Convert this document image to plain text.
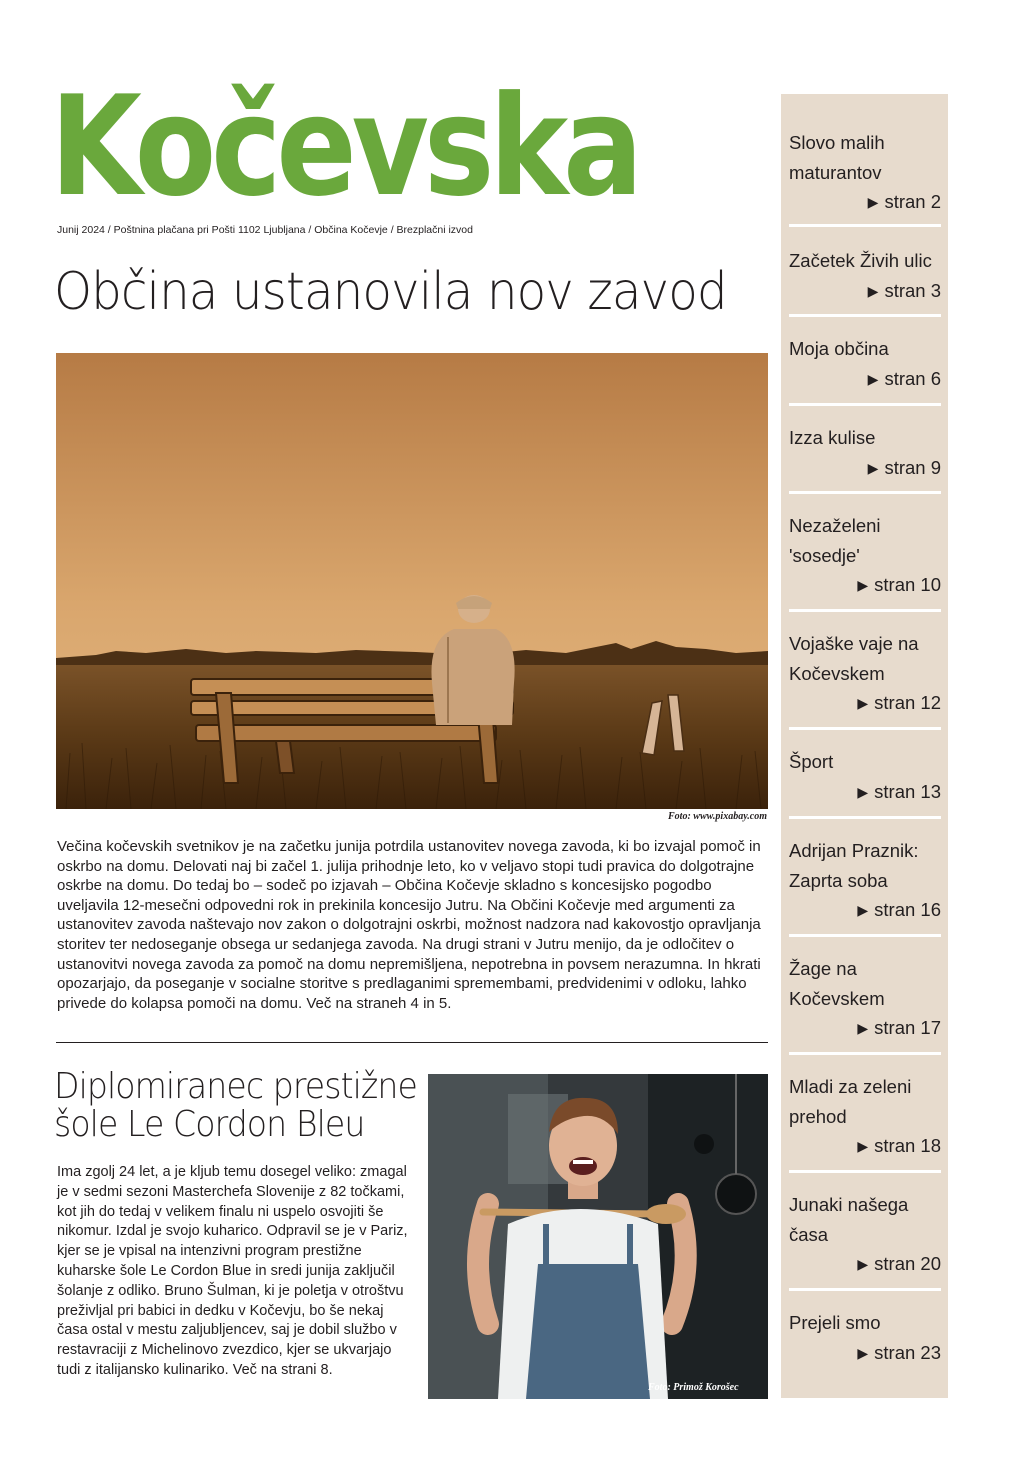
Kočevska
Junij 2024 / Poštnina plačana pri Pošti 1102 Ljubljana / Občina Kočevje / Brezplačni izvod
Občina ustanovila nov zavod
Foto: www.pixabay.com

Večina kočevskih svetnikov je na začetku junija potrdila ustanovitev novega zavoda, ki bo izvajal pomoč in oskrbo na domu. Delovati naj bi začel 1. julija prihodnje leto, ko v veljavo stopi tudi pravica do dolgotrajne oskrbe na domu. Do tedaj bo – sodeč po izjavah – Občina Kočevje skladno s koncesijsko pogodbo uveljavila 12-mesečni odpovedni rok in prekinila koncesijo Jutru. Na Občini Kočevje med argumenti za ustanovitev zavoda naštevajo nov zakon o dolgotrajni oskrbi, možnost nadzora nad kakovostjo opravljanja storitev ter nedoseganje obsega ur sedanjega zavoda. Na drugi strani v Jutru menijo, da je odločitev o ustanovitvi novega zavoda za pomoč na domu nepremišljena, nepotrebna in povsem nerazumna. In hkrati opozarjajo, da poseganje v socialne storitve s predlaganimi spremembami, predvidenimi v odloku, lahko privede do kolapsa pomoči na domu. Več na straneh 4 in 5.

Diplomiranec prestižne
šole Le Cordon Bleu

Ima zgolj 24 let, a je kljub temu dosegel veliko: zmagal je v sedmi sezoni Masterchefa Slovenije z 82 točkami, kot jih do tedaj v velikem finalu ni uspelo osvojiti še nikomur. Izdal je svojo kuharico. Odpravil se je v Pariz, kjer se je vpisal na intenzivni program prestižne kuharske šole Le Cordon Blue in sredi junija zaključil šolanje z odliko. Bruno Šulman, ki je poletja v otroštvu preživljal pri babici in dedku v Kočevju, bo še nekaj časa ostal v mestu zaljubljencev, saj je dobil službo v restavraciji z Michelinovo zvezdico, kjer se ukvarjajo tudi z italijansko kulinariko. Več na strani 8.

Foto: Primož Korošec
Slovo malih
maturantov
▶ stran 2
Začetek Živih ulic
▶ stran 3
Moja občina
▶ stran 6
Izza kulise
▶ stran 9
Nezaželeni
'sosedje'
▶ stran 10
Vojaške vaje na
Kočevskem
▶ stran 12
Šport
▶ stran 13
Adrijan Praznik:
Zaprta soba
▶ stran 16
Žage na
Kočevskem
▶ stran 17
Mladi za zeleni
prehod
▶ stran 18
Junaki našega
časa
▶ stran 20
Prejeli smo
▶ stran 23
